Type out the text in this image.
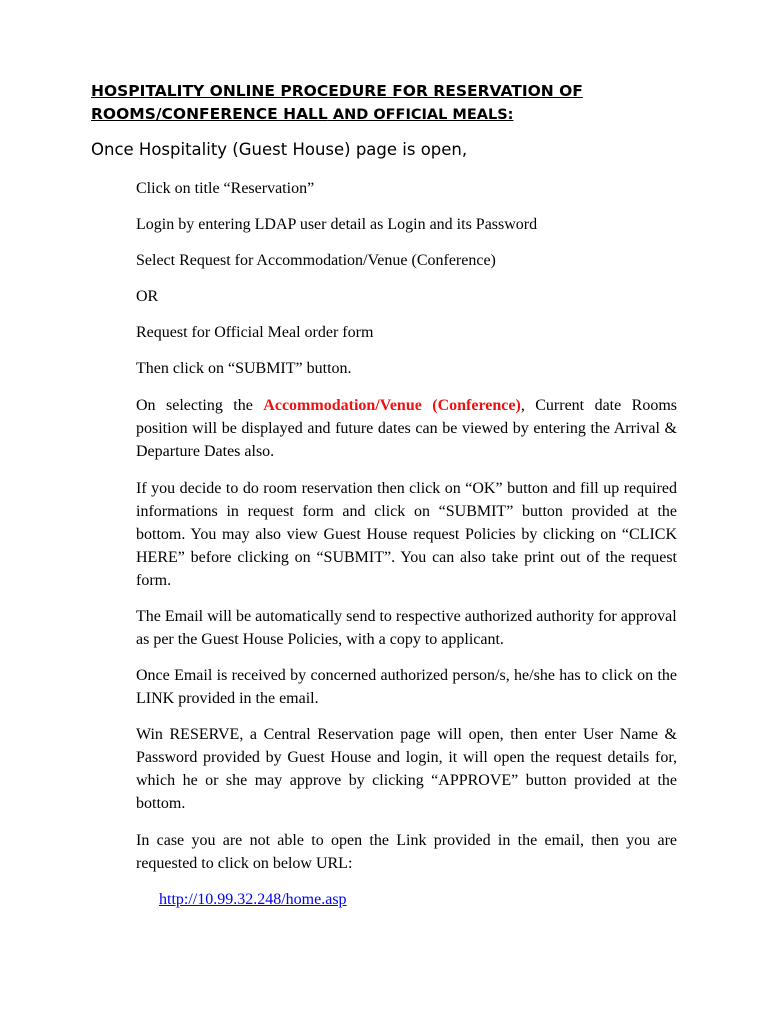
HOSPITALITY ONLINE PROCEDURE FOR RESERVATION OF
ROOMS/CONFERENCE HALL AND OFFICIAL MEALS:

Once Hospitality (Guest House) page is open,

Click on title “Reservation”

Login by entering LDAP user detail as Login and its Password

Select Request for Accommodation/Venue (Conference)

OR

Request for Official Meal order form

Then click on “SUBMIT” button.

On selecting the Accommodation/Venue (Conference), Current date Rooms position will be displayed and future dates can be viewed by entering the Arrival & Departure Dates also.

If you decide to do room reservation then click on “OK” button and fill up required informations in request form and click on “SUBMIT” button provided at the bottom. You may also view Guest House request Policies by clicking on “CLICK HERE” before clicking on “SUBMIT”. You can also take print out of the request form.

The Email will be automatically send to respective authorized authority for approval as per the Guest House Policies, with a copy to applicant.

Once Email is received by concerned authorized person/s, he/she has to click on the LINK provided in the email.

Win RESERVE, a Central Reservation page will open, then enter User Name & Password provided by Guest House and login, it will open the request details for, which he or she may approve by clicking “APPROVE” button provided at the bottom.

In case you are not able to open the Link provided in the email, then you are requested to click on below URL:

http://10.99.32.248/home.asp
